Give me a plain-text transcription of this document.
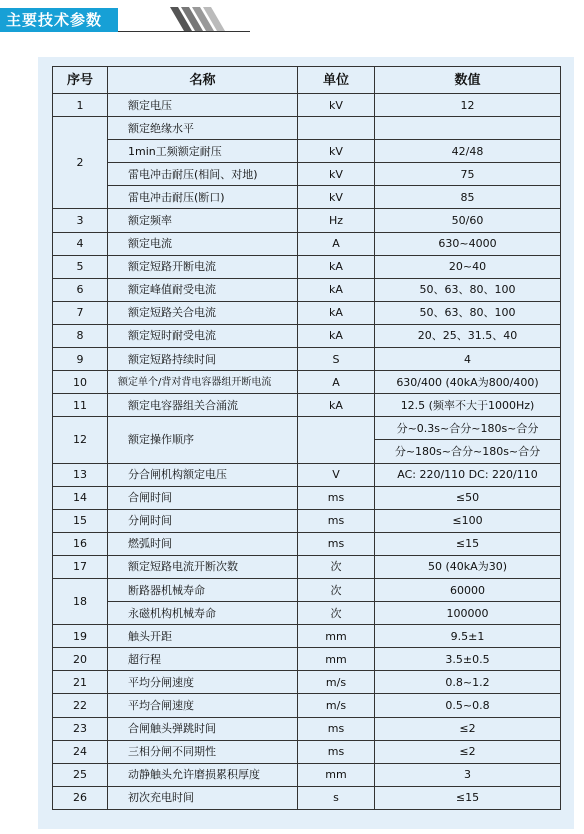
主要技术参数
序号	名称	单位	数值
1	额定电压	kV	12
2	额定绝缘水平		
	1min工频额定耐压	kV	42/48
	雷电冲击耐压(相间、对地)	kV	75
	雷电冲击耐压(断口)	kV	85
3	额定频率	Hz	50/60
4	额定电流	A	630~4000
5	额定短路开断电流	kA	20~40
6	额定峰值耐受电流	kA	50、63、80、100
7	额定短路关合电流	kA	50、63、80、100
8	额定短时耐受电流	kA	20、25、31.5、40
9	额定短路持续时间	S	4
10	额定单个/背对背电容器组开断电流	A	630/400 (40kA为800/400)
11	额定电容器组关合涌流	kA	12.5 (频率不大于1000Hz)
12	额定操作顺序		分~0.3s~合分~180s~合分
			分~180s~合分~180s~合分
13	分合闸机构额定电压	V	AC: 220/110 DC: 220/110
14	合闸时间	ms	≤50
15	分闸时间	ms	≤100
16	燃弧时间	ms	≤15
17	额定短路电流开断次数	次	50 (40kA为30)
18	断路器机械寿命	次	60000
	永磁机构机械寿命	次	100000
19	触头开距	mm	9.5±1
20	超行程	mm	3.5±0.5
21	平均分闸速度	m/s	0.8~1.2
22	平均合闸速度	m/s	0.5~0.8
23	合闸触头弹跳时间	ms	≤2
24	三相分闸不同期性	ms	≤2
25	动静触头允许磨损累积厚度	mm	3
26	初次充电时间	s	≤15
